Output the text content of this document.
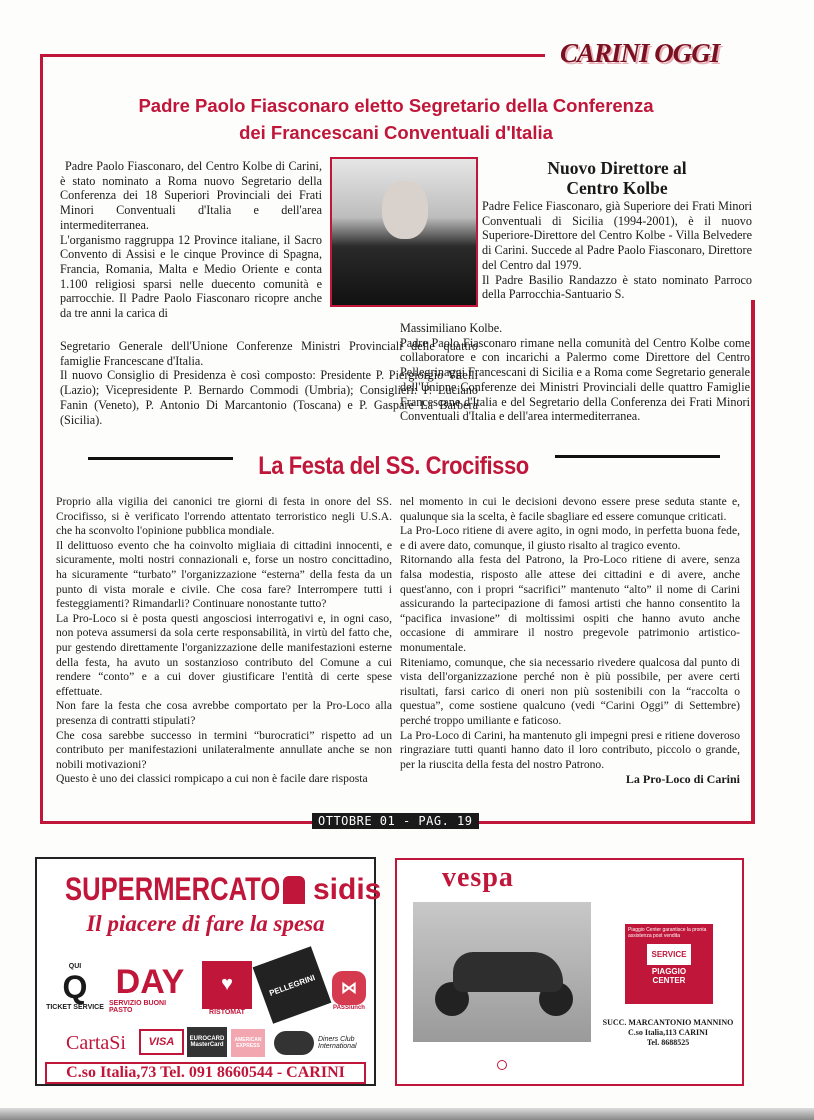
CARINI OGGI
Padre Paolo Fiasconaro eletto Segretario della Conferenza
dei Francescani Conventuali d'Italia

Padre Paolo Fiasconaro, del Centro Kolbe di Carini, è stato nominato a Roma nuovo Segretario della Conferenza dei 18 Superiori Provinciali dei Frati Minori Conventuali d'Italia e dell'area intermediterranea.

L'organismo raggruppa 12 Province italiane, il Sacro Convento di Assisi e le cinque Province di Spagna, Francia, Romania, Malta e Medio Oriente e conta 1.100 religiosi sparsi nelle duecento comunità e parrocchie. Il Padre Paolo Fiasconaro ricopre anche da tre anni la carica di

Segretario Generale dell'Unione Conferenze Ministri Provinciali delle quattro famiglie Francescane d'Italia.

Il nuovo Consiglio di Presidenza è così composto: Presidente P. Piergiorgio Vitelli (Lazio); Vicepresidente P. Bernardo Commodi (Umbria); Consiglieri: P. Luciano Fanin (Veneto), P. Antonio Di Marcantonio (Toscana) e P. Gaspare La Barbera (Sicilia).

Nuovo Direttore al
Centro Kolbe

Padre Felice Fiasconaro, già Superiore dei Frati Minori Conventuali di Sicilia (1994-2001), è il nuovo Superiore-Direttore del Centro Kolbe - Villa Belvedere di Carini. Succede al Padre Paolo Fiasconaro, Direttore del Centro dal 1979.

Il Padre Basilio Randazzo è stato nominato Parroco della Parrocchia-Santuario S.

Massimiliano Kolbe.

Padre Paolo Fiasconaro rimane nella comunità del Centro Kolbe come collaboratore e con incarichi a Palermo come Direttore del Centro Pellegrinaggi Francescani di Sicilia e a Roma come Segretario generale dell'Unione Conferenze dei Ministri Provinciali delle quattro Famiglie Francescane d'Italia e del Segretario della Conferenza dei Frati Minori Conventuali d'Italia e dell'area intermediterranea.

La Festa del SS. Crocifisso

Proprio alla vigilia dei canonici tre giorni di festa in onore del SS. Crocifisso, si è verificato l'orrendo attentato terroristico negli U.S.A. che ha sconvolto l'opinione pubblica mondiale.

Il delittuoso evento che ha coinvolto migliaia di cittadini innocenti, e sicuramente, molti nostri connazionali e, forse un nostro concittadino, ha sicuramente “turbato” l'organizzazione “esterna” della festa da un punto di vista morale e civile. Che cosa fare? Interrompere tutti i festeggiamenti? Rimandarli? Continuare nonostante tutto?

La Pro-Loco si è posta questi angosciosi interrogativi e, in ogni caso, non poteva assumersi da sola certe responsabilità, in virtù del fatto che, pur gestendo direttamente l'organizzazione delle manifestazioni esterne della festa, ha avuto un sostanzioso contributo del Comune a cui rendere “conto” e a cui dover giustificare l'entità di certe spese effettuate.

Non fare la festa che cosa avrebbe comportato per la Pro-Loco alla presenza di contratti stipulati?

Che cosa sarebbe successo in termini “burocratici” rispetto ad un contributo per manifestazioni unilateralmente annullate anche se non nobili motivazioni?

Questo è uno dei classici rompicapo a cui non è facile dare risposta

nel momento in cui le decisioni devono essere prese seduta stante e, qualunque sia la scelta, è facile sbagliare ed essere comunque criticati.

La Pro-Loco ritiene di avere agito, in ogni modo, in perfetta buona fede, e di avere dato, comunque, il giusto risalto al tragico evento.

Ritornando alla festa del Patrono, la Pro-Loco ritiene di avere, senza falsa modestia, risposto alle attese dei cittadini e di avere, anche quest'anno, con i propri “sacrifici” mantenuto “alto” il nome di Carini assicurando la partecipazione di famosi artisti che hanno consentito la “pacifica invasione” di moltissimi ospiti che hanno avuto anche occasione di ammirare il nostro pregevole patrimonio artistico-monumentale.

Riteniamo, comunque, che sia necessario rivedere qualcosa dal punto di vista dell'organizzazione perché non è più possibile, per avere certi risultati, farsi carico di oneri non più sostenibili con la “raccolta o questua”, come sostiene qualcuno (vedi “Carini Oggi” di Settembre) perché troppo umiliante e faticoso.

La Pro-Loco di Carini, ha mantenuto gli impegni presi e ritiene doveroso ringraziare tutti quanti hanno dato il loro contributo, piccolo o grande, per la riuscita della festa del nostro Patrono.

La Pro-Loco di Carini

OTTOBRE 01 - PAG. 19
SUPERMERCATO sidis
Il piacere di fare la spesa
QUI
Q
TICKET SERVICE
DAY
SERVIZIO BUONI PASTO
♥
RISTOMAT
PELLEGRINI	⋈
PASSlunch
CartaSi VISA	EUROCARD
MasterCard
AMERICAN EXPRESS
Diners Club International
C.so Italia,73 Tel. 091 8660544 - CARINI
vespa
Piaggio Center garantisce la pronta assistenza post vendita
SERVICE
PIAGGIO
CENTER
SUCC. MARCANTONIO MANNINO
C.so Italia,113 CARINI
Tel. 8688525
